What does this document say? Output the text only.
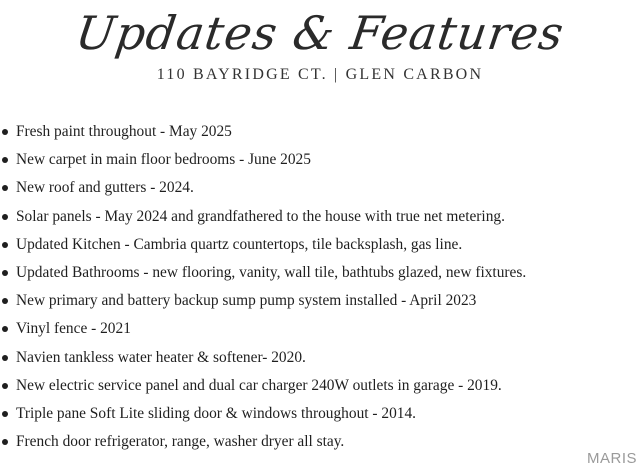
Updates & Features
110 BAYRIDGE CT. | GLEN CARBON
Fresh paint throughout - May 2025
New carpet in main floor bedrooms - June 2025
New roof and gutters - 2024.
Solar panels - May 2024 and grandfathered to the house with true net metering.
Updated Kitchen - Cambria quartz countertops, tile backsplash, gas line.
Updated Bathrooms - new flooring, vanity, wall tile, bathtubs glazed, new fixtures.
New primary and battery backup sump pump system installed - April 2023
Vinyl fence - 2021
Navien tankless water heater & softener- 2020.
New electric service panel and dual car charger 240W outlets in garage - 2019.
Triple pane Soft Lite sliding door & windows throughout - 2014.
French door refrigerator, range, washer dryer all stay.
MARIS
